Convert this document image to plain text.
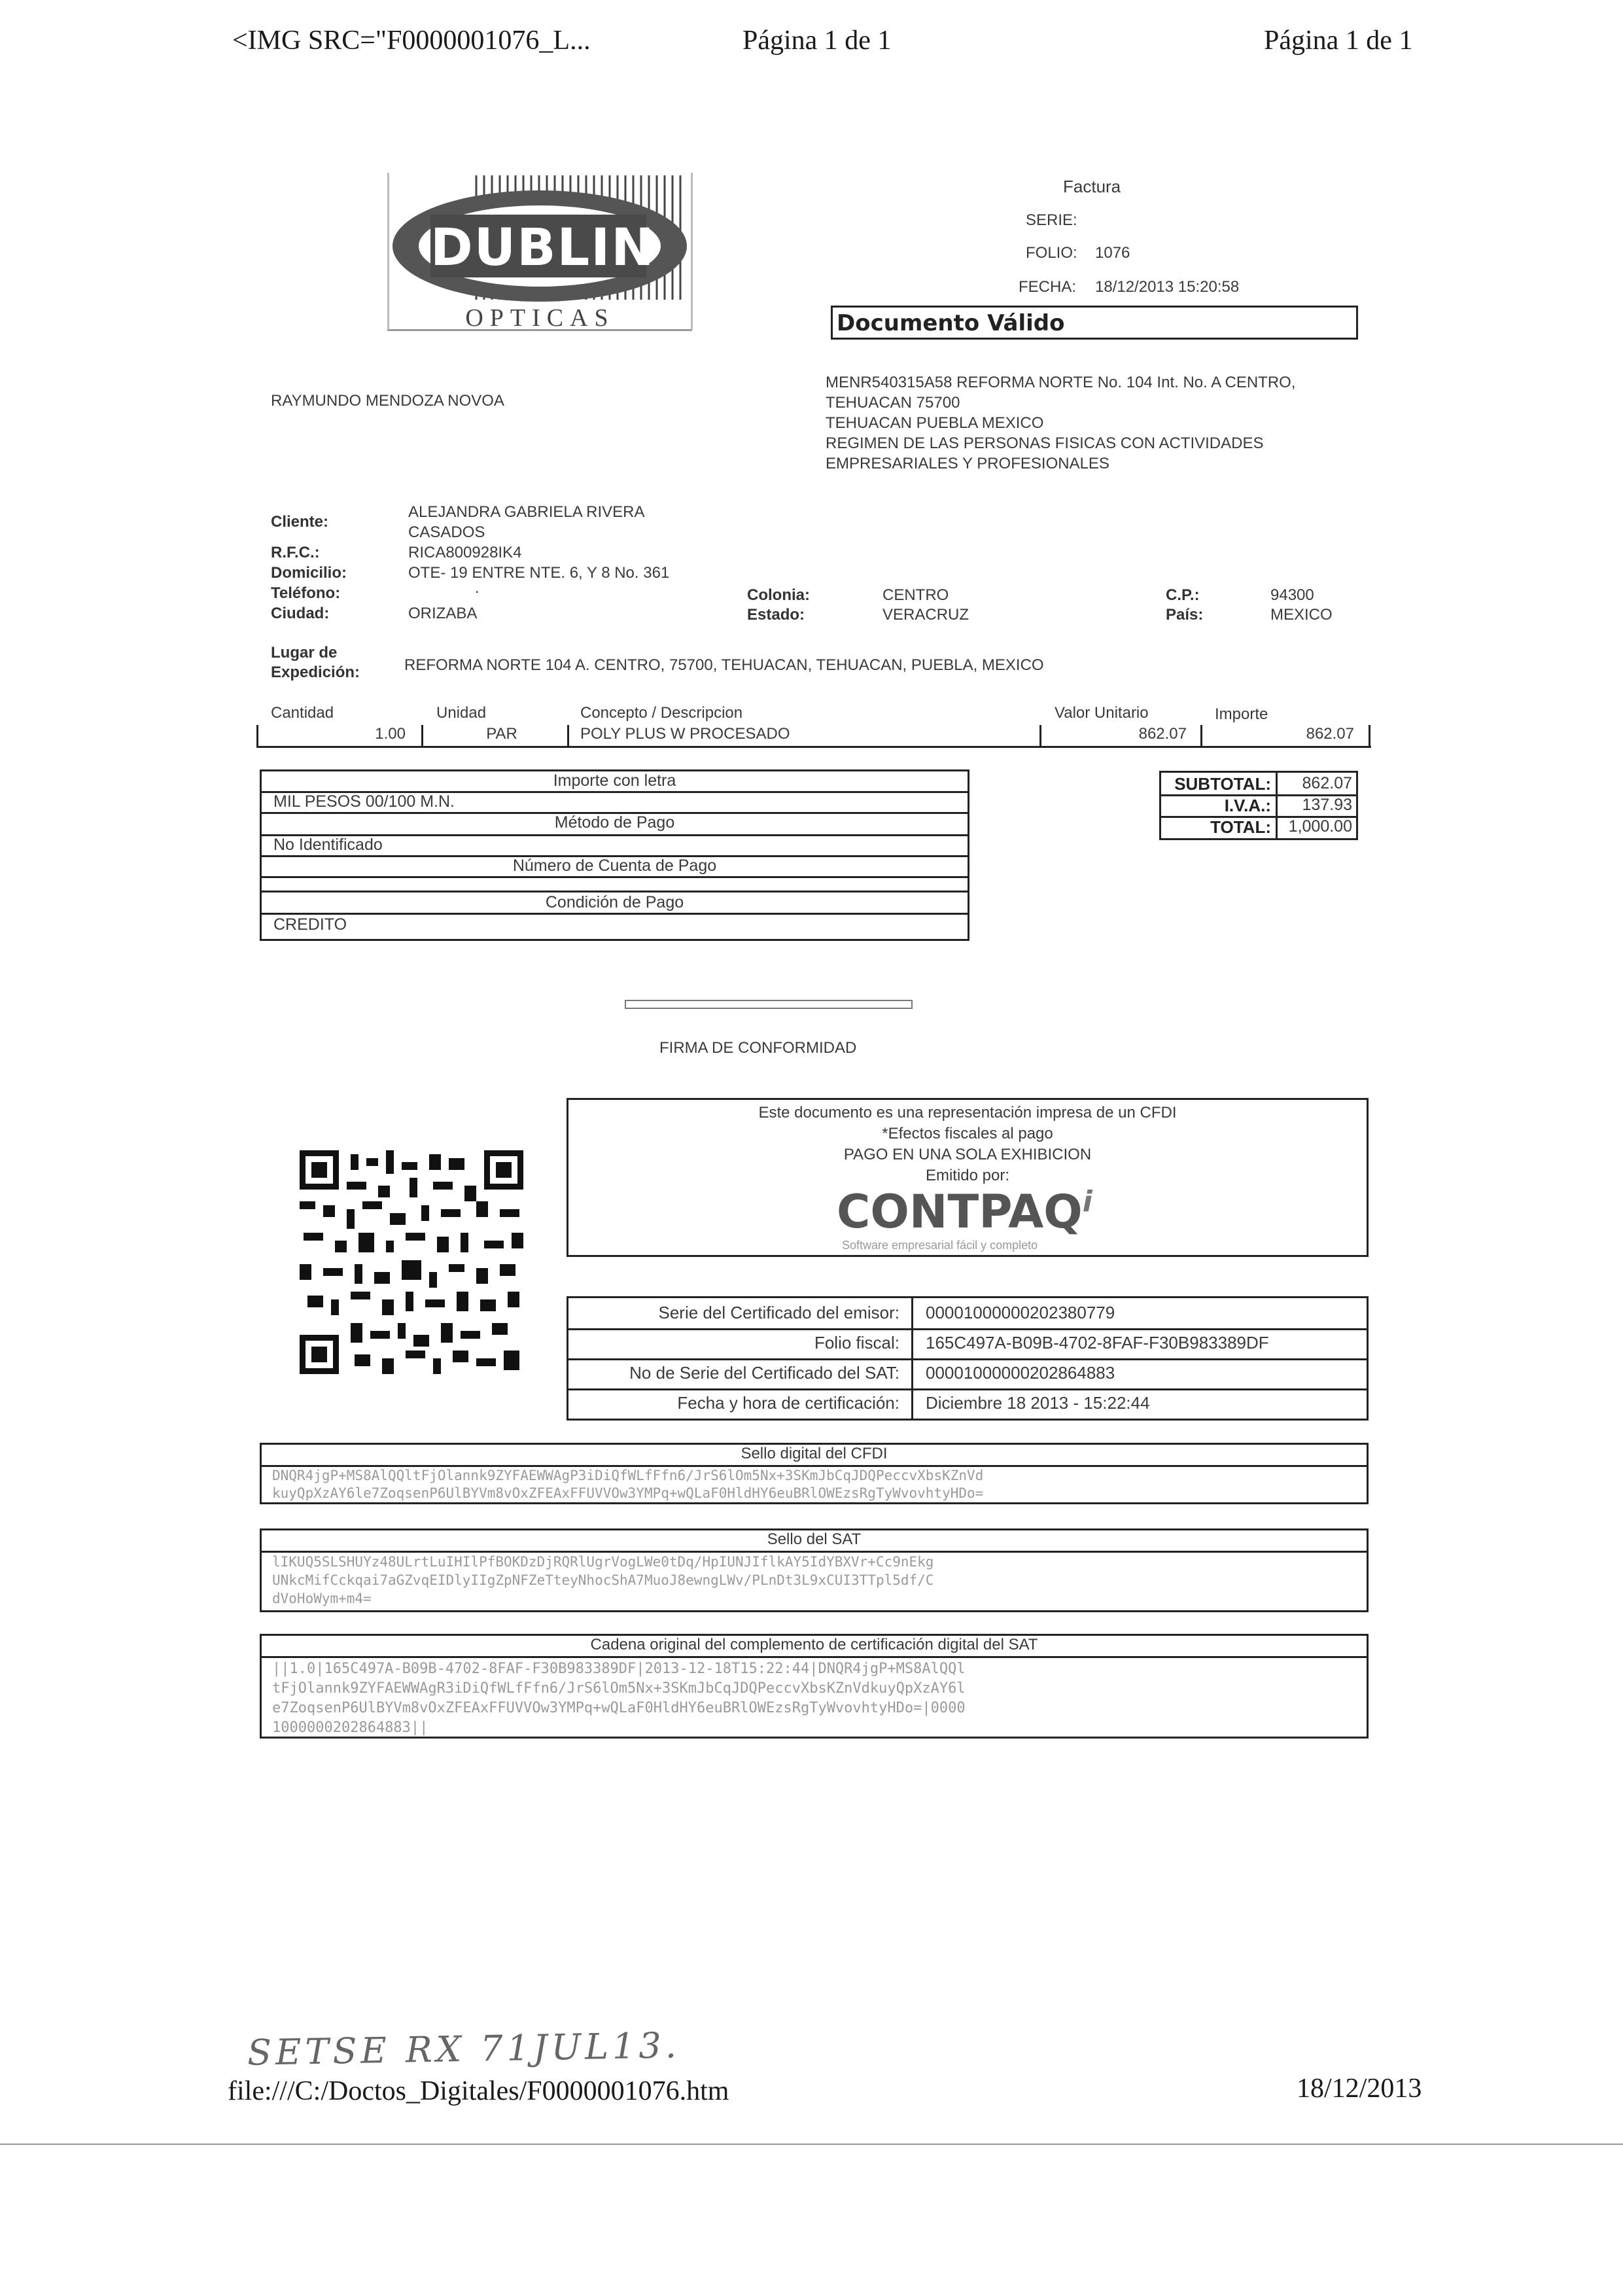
<IMG SRC="F0000001076_L...	Página 1 de 1	Página 1 de 1
DUBLIN
OPTICAS
Factura
SERIE:
FOLIO: 1076
FECHA: 18/12/2013 15:20:58
Documento Válido
RAYMUNDO MENDOZA NOVOA
MENR540315A58 REFORMA NORTE No. 104 Int. No. A CENTRO,
TEHUACAN 75700
TEHUACAN PUEBLA MEXICO
REGIMEN DE LAS PERSONAS FISICAS CON ACTIVIDADES
EMPRESARIALES Y PROFESIONALES
Cliente:
ALEJANDRA GABRIELA RIVERA
CASADOS
R.F.C.:	RICA800928IK4
Domicilio:	OTE- 19 ENTRE NTE. 6, Y 8 No. 361
Teléfono:	.
Ciudad:	ORIZABA
Colonia:	CENTRO
Estado:	VERACRUZ
C.P.:	94300
País:	MEXICO
Lugar de
Expedición:	REFORMA NORTE 104 A. CENTRO, 75700, TEHUACAN, TEHUACAN, PUEBLA, MEXICO
Cantidad	Unidad	Concepto / Descripcion	Valor Unitario	Importe
1.00	PAR	POLY PLUS W PROCESADO	862.07	862.07
Importe con letra
MIL PESOS 00/100 M.N.
Método de Pago
No Identificado
Número de Cuenta de Pago
Condición de Pago
CREDITO
SUBTOTAL:	862.07
I.V.A.:	137.93
TOTAL:	1,000.00
FIRMA DE CONFORMIDAD
Este documento es una representación impresa de un CFDI
*Efectos fiscales al pago
PAGO EN UNA SOLA EXHIBICION
Emitido por:
CONTPAQ$^i$
Software empresarial fácil y completo
Serie del Certificado del emisor: 00001000000202380779
Folio fiscal: 165C497A-B09B-4702-8FAF-F30B983389DF
No de Serie del Certificado del SAT: 00001000000202864883
Fecha y hora de certificación: Diciembre 18 2013 - 15:22:44
Sello digital del CFDI
DNQR4jgP+MS8AlQQltFjOlannk9ZYFAEWWAgP3iDiQfWLfFfn6/JrS6lOm5Nx+3SKmJbCqJDQPeccvXbsKZnVd
kuyQpXzAY6le7ZoqsenP6UlBYVm8vOxZFEAxFFUVVOw3YMPq+wQLaF0HldHY6euBRlOWEzsRgTyWvovhtyHDo=
Sello del SAT
lIKUQ5SLSHUYz48ULrtLuIHIlPfBOKDzDjRQRlUgrVogLWe0tDq/HpIUNJIflkAY5IdYBXVr+Cc9nEkg
UNkcMifCckqai7aGZvqEIDlyIIgZpNFZeTteyNhocShA7MuoJ8ewngLWv/PLnDt3L9xCUI3TTpl5df/C
dVoHoWym+m4=
Cadena original del complemento de certificación digital del SAT
||1.0|165C497A-B09B-4702-8FAF-F30B983389DF|2013-12-18T15:22:44|DNQR4jgP+MS8AlQQl
tFjOlannk9ZYFAEWWAgR3iDiQfWLfFfn6/JrS6lOm5Nx+3SKmJbCqJDQPeccvXbsKZnVdkuyQpXzAY6l
e7ZoqsenP6UlBYVm8vOxZFEAxFFUVVOw3YMPq+wQLaF0HldHY6euBRlOWEzsRgTyWvovhtyHDo=|0000
1000000202864883||
SETSE RX 71JUL13.
file:///C:/Doctos_Digitales/F0000001076.htm	18/12/2013
